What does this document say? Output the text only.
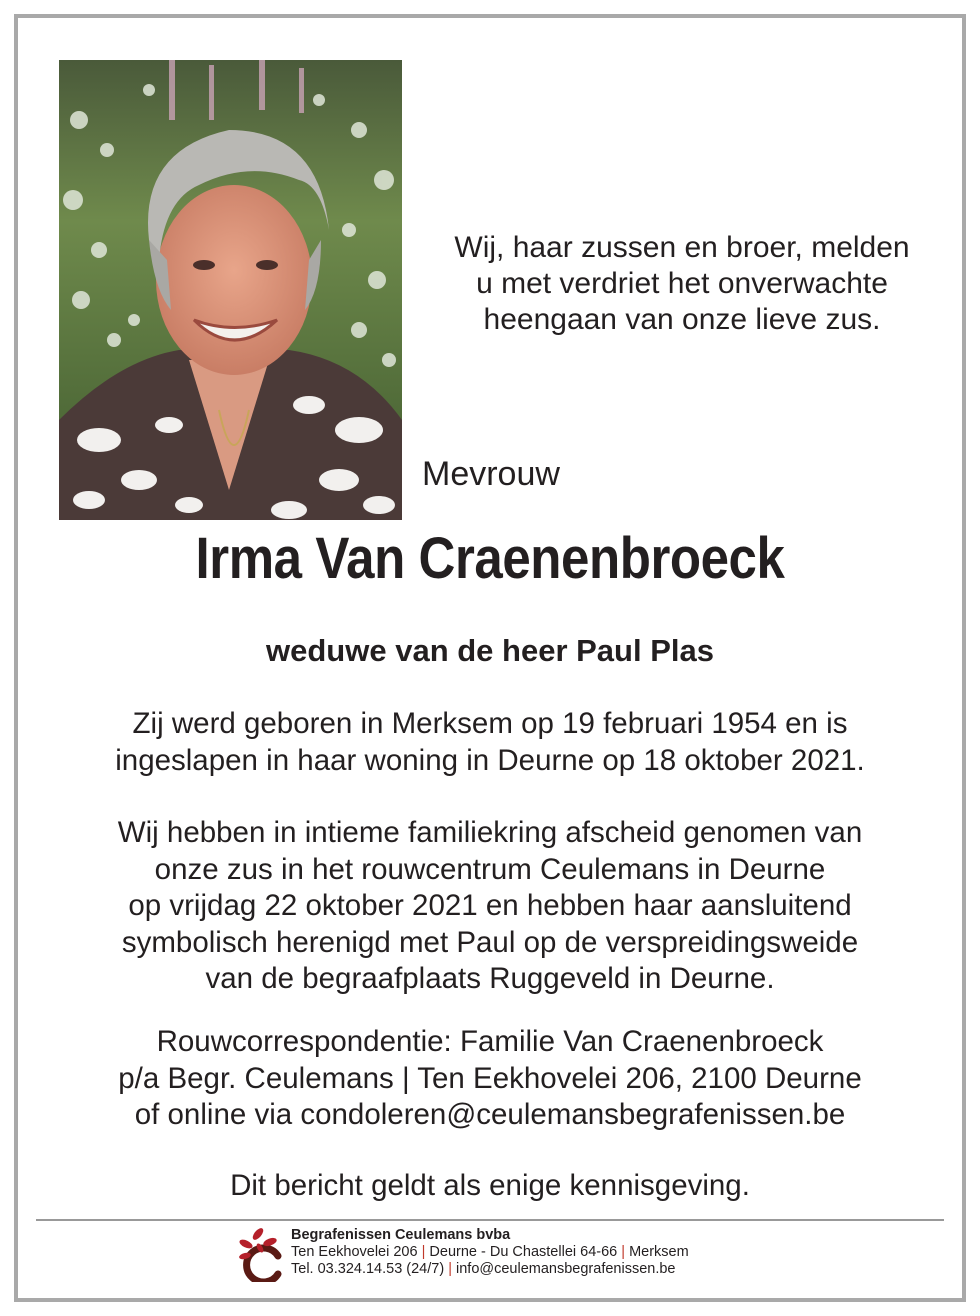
Wij, haar zussen en broer, melden
u met verdriet het onverwachte
heengaan van onze lieve zus.
Mevrouw
Irma Van Craenenbroeck
weduwe van de heer Paul Plas
Zij werd geboren in Merksem op 19 februari 1954 en is
ingeslapen in haar woning in Deurne op 18 oktober 2021.
Wij hebben in intieme familiekring afscheid genomen van
onze zus in het rouwcentrum Ceulemans in Deurne
op vrijdag 22 oktober 2021 en hebben haar aansluitend
symbolisch herenigd met Paul op de verspreidingsweide
van de begraafplaats Ruggeveld in Deurne.
Rouwcorrespondentie: Familie Van Craenenbroeck
p/a Begr. Ceulemans | Ten Eekhovelei 206, 2100 Deurne
of online via condoleren@ceulemansbegrafenissen.be
Dit bericht geldt als enige kennisgeving.
Begrafenissen Ceulemans bvba
Ten Eekhovelei 206 | Deurne - Du Chastellei 64-66 | Merksem
Tel. 03.324.14.53 (24/7) | info@ceulemansbegrafenissen.be
